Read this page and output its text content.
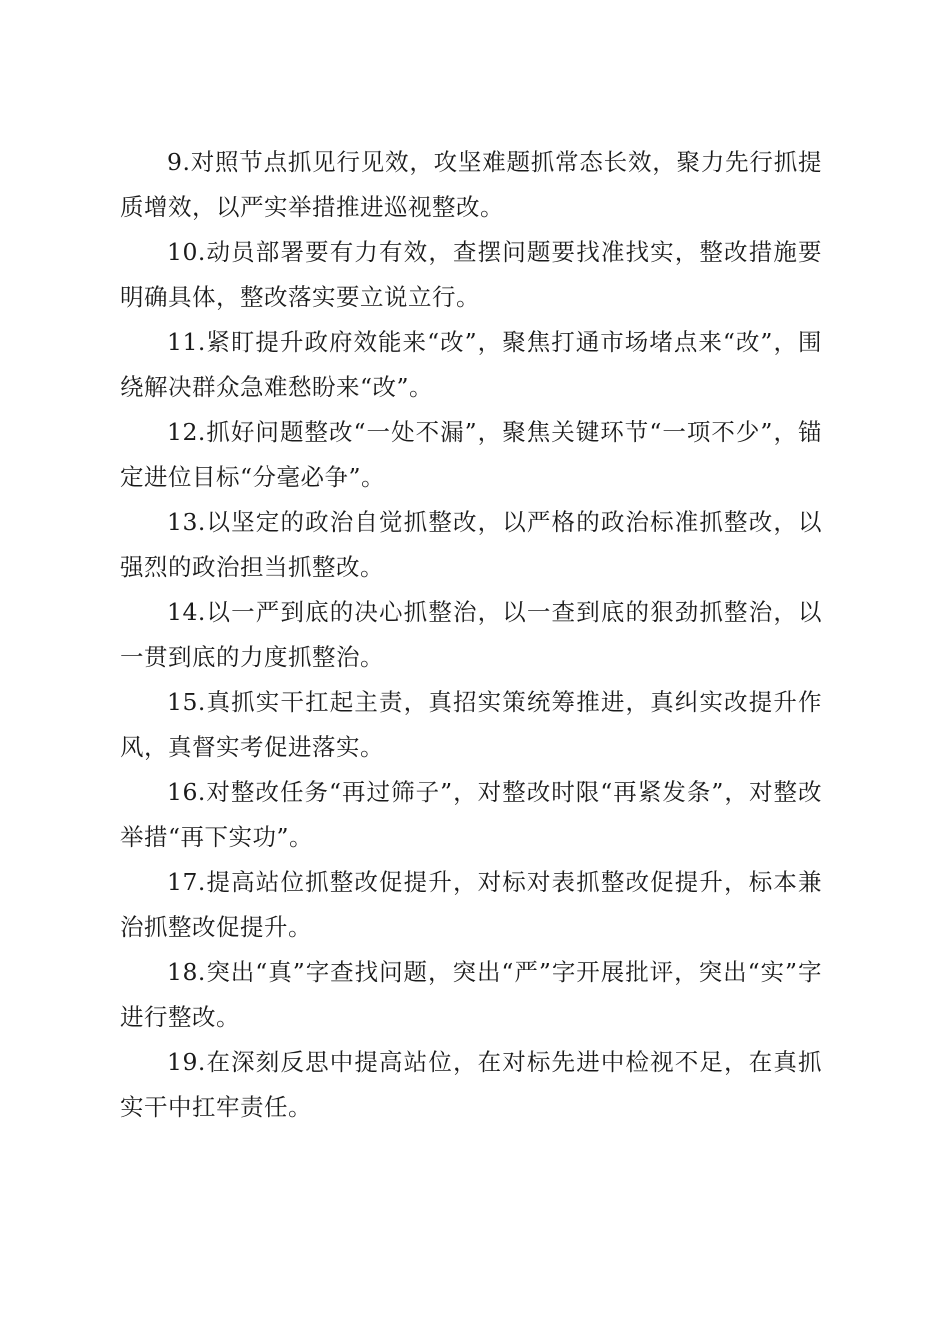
9.对照节点抓见行见效，攻坚难题抓常态长效，聚力先行抓提质增效，以严实举措推进巡视整改。

10.动员部署要有力有效，查摆问题要找准找实，整改措施要明确具体，整改落实要立说立行。

11.紧盯提升政府效能来“改”，聚焦打通市场堵点来“改”，围绕解决群众急难愁盼来“改”。

12.抓好问题整改“一处不漏”，聚焦关键环节“一项不少”，锚定进位目标“分毫必争”。

13.以坚定的政治自觉抓整改，以严格的政治标准抓整改，以强烈的政治担当抓整改。

14.以一严到底的决心抓整治，以一查到底的狠劲抓整治，以一贯到底的力度抓整治。

15.真抓实干扛起主责，真招实策统筹推进，真纠实改提升作风，真督实考促进落实。

16.对整改任务“再过筛子”，对整改时限“再紧发条”，对整改举措“再下实功”。

17.提高站位抓整改促提升，对标对表抓整改促提升，标本兼治抓整改促提升。

18.突出“真”字查找问题，突出“严”字开展批评，突出“实”字进行整改。

19.在深刻反思中提高站位，在对标先进中检视不足，在真抓实干中扛牢责任。
